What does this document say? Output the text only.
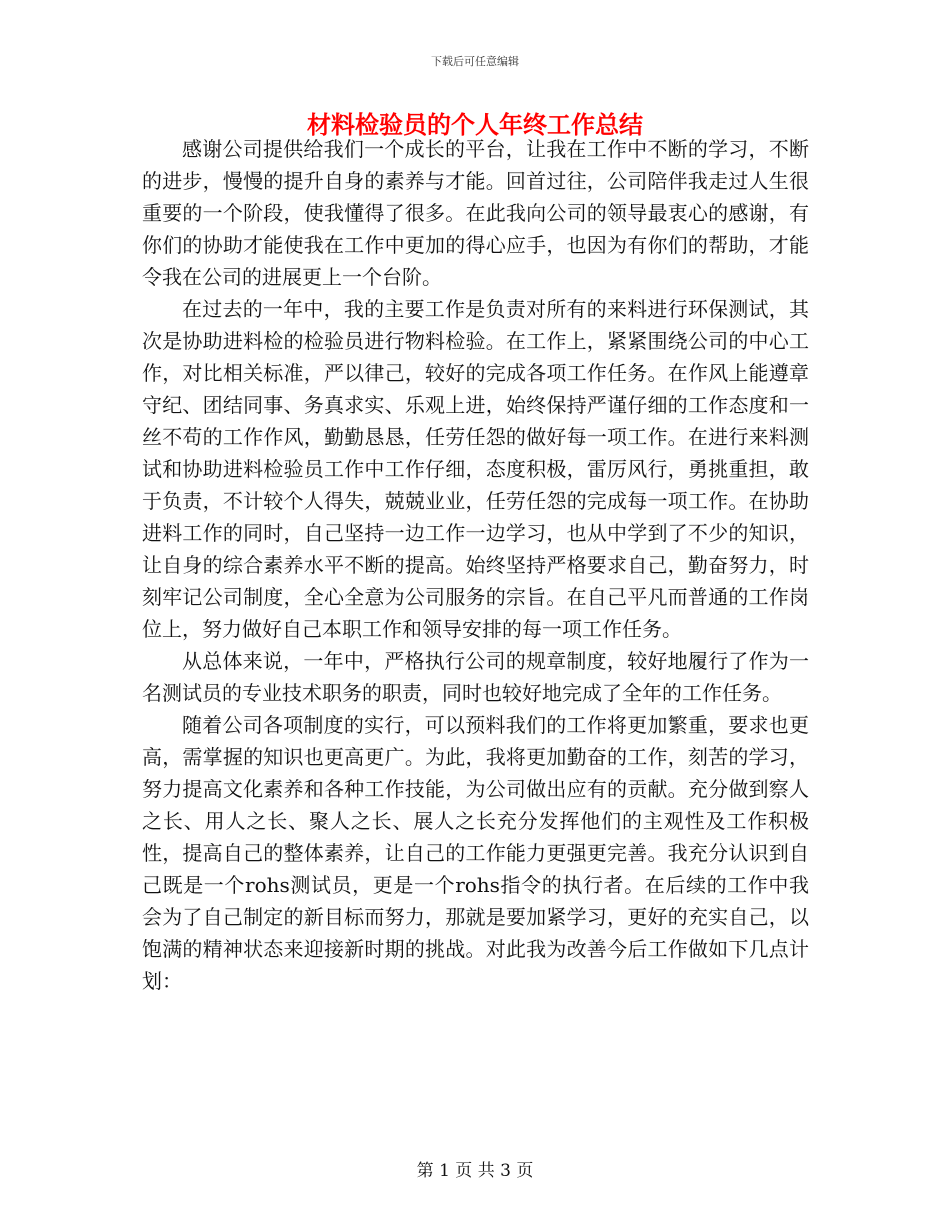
下载后可任意编辑
材料检验员的个人年终工作总结

感谢公司提供给我们一个成长的平台，让我在工作中不断的学习，不断的进步，慢慢的提升自身的素养与才能。回首过往，公司陪伴我走过人生很重要的一个阶段，使我懂得了很多。在此我向公司的领导最衷心的感谢，有你们的协助才能使我在工作中更加的得心应手，也因为有你们的帮助，才能令我在公司的进展更上一个台阶。

在过去的一年中，我的主要工作是负责对所有的来料进行环保测试，其次是协助进料检的检验员进行物料检验。在工作上，紧紧围绕公司的中心工作，对比相关标准，严以律己，较好的完成各项工作任务。在作风上能遵章守纪、团结同事、务真求实、乐观上进，始终保持严谨仔细的工作态度和一丝不苟的工作作风，勤勤恳恳，任劳任怨的做好每一项工作。在进行来料测试和协助进料检验员工作中工作仔细，态度积极，雷厉风行，勇挑重担，敢于负责，不计较个人得失，兢兢业业，任劳任怨的完成每一项工作。在协助进料工作的同时，自己坚持一边工作一边学习，也从中学到了不少的知识，让自身的综合素养水平不断的提高。始终坚持严格要求自己，勤奋努力，时刻牢记公司制度，全心全意为公司服务的宗旨。在自己平凡而普通的工作岗位上，努力做好自己本职工作和领导安排的每一项工作任务。

从总体来说，一年中，严格执行公司的规章制度，较好地履行了作为一名测试员的专业技术职务的职责，同时也较好地完成了全年的工作任务。

随着公司各项制度的实行，可以预料我们的工作将更加繁重，要求也更高，需掌握的知识也更高更广。为此，我将更加勤奋的工作，刻苦的学习，努力提高文化素养和各种工作技能，为公司做出应有的贡献。充分做到察人之长、用人之长、聚人之长、展人之长充分发挥他们的主观性及工作积极性，提高自己的整体素养，让自己的工作能力更强更完善。我充分认识到自己既是一个rohs测试员，更是一个rohs指令的执行者。在后续的工作中我会为了自己制定的新目标而努力，那就是要加紧学习，更好的充实自己，以饱满的精神状态来迎接新时期的挑战。对此我为改善今后工作做如下几点计划：

第 1 页 共 3 页
